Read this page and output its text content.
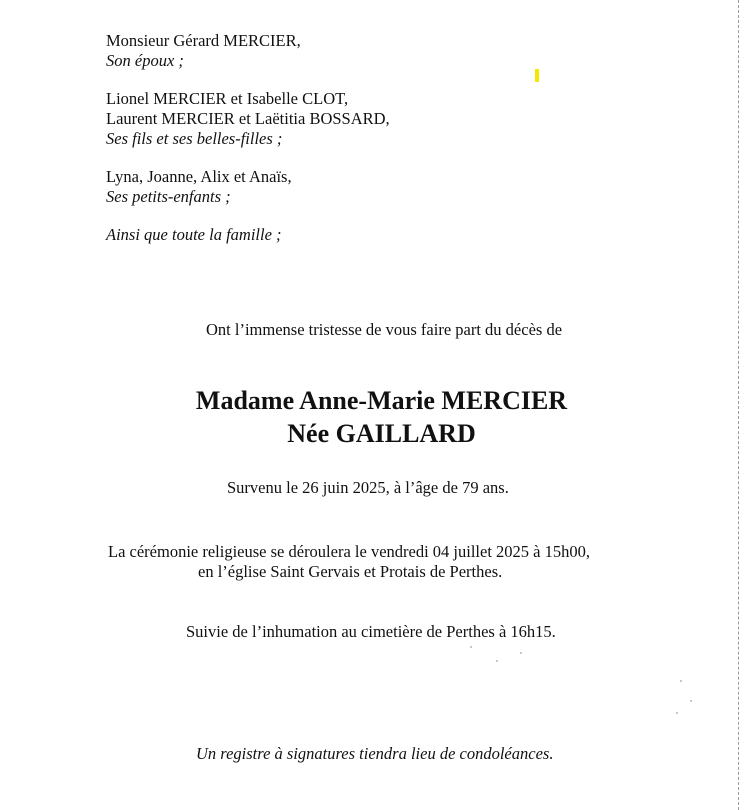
Monsieur Gérard MERCIER,
Son époux ;
Lionel MERCIER et Isabelle CLOT,
Laurent MERCIER et Laëtitia BOSSARD,
Ses fils et ses belles-filles ;
Lyna, Joanne, Alix et Anaïs,
Ses petits-enfants ;
Ainsi que toute la famille ;
Ont l’immense tristesse de vous faire part du décès de
Madame Anne-Marie MERCIER
Née GAILLARD
Survenu le 26 juin 2025, à l’âge de 79 ans.
La cérémonie religieuse se déroulera le vendredi 04 juillet 2025 à 15h00,
en l’église Saint Gervais et Protais de Perthes.
Suivie de l’inhumation au cimetière de Perthes à 16h15.
Un registre à signatures tiendra lieu de condoléances.
